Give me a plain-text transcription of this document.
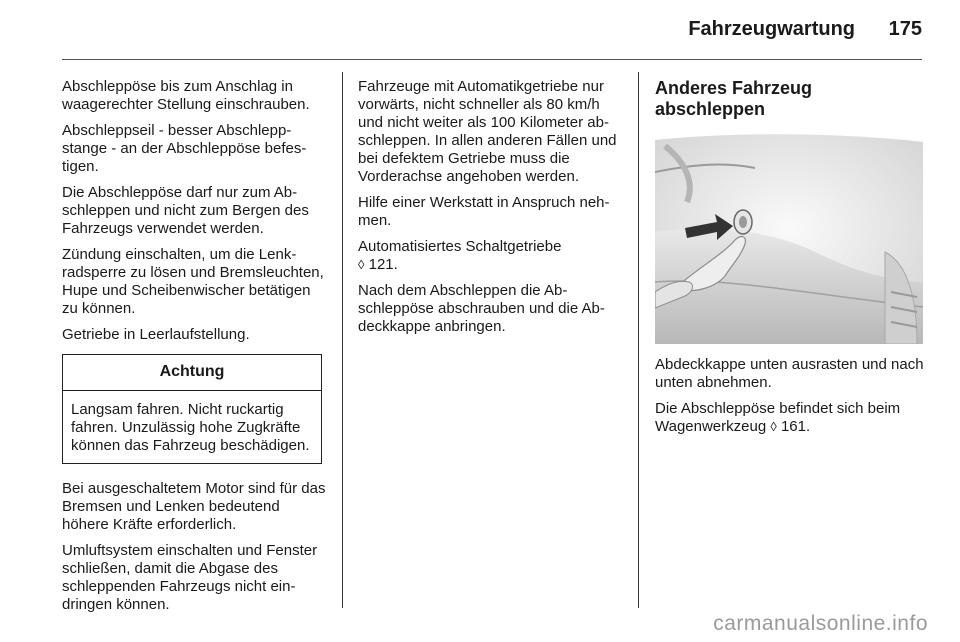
Fahrzeugwartung	175

Abschleppöse bis zum Anschlag in waagerechter Stellung einschrauben.

Abschleppseil - besser Abschleppstange - an der Abschleppöse befestigen.

Die Abschleppöse darf nur zum Abschleppen und nicht zum Bergen des Fahrzeugs verwendet werden.

Zündung einschalten, um die Lenkradsperre zu lösen und Bremsleuchten, Hupe und Scheibenwischer betätigen zu können.

Getriebe in Leerlaufstellung.

Achtung
Langsam fahren. Nicht ruckartig fahren. Unzulässig hohe Zugkräfte können das Fahrzeug beschädigen.

Bei ausgeschaltetem Motor sind für das Bremsen und Lenken bedeutend höhere Kräfte erforderlich.

Umluftsystem einschalten und Fenster schließen, damit die Abgase des schleppenden Fahrzeugs nicht eindringen können.

Fahrzeuge mit Automatikgetriebe nur vorwärts, nicht schneller als 80 km/h und nicht weiter als 100 Kilometer abschleppen. In allen anderen Fällen und bei defektem Getriebe muss die Vorderachse angehoben werden.

Hilfe einer Werkstatt in Anspruch nehmen.

Automatisiertes Schaltgetriebe
◊ 121.

Nach dem Abschleppen die Abschleppöse abschrauben und die Abdeckkappe anbringen.

Anderes Fahrzeug abschleppen

Abdeckkappe unten ausrasten und nach unten abnehmen.

Die Abschleppöse befindet sich beim Wagenwerkzeug ◊ 161.

carmanualsonline.info
